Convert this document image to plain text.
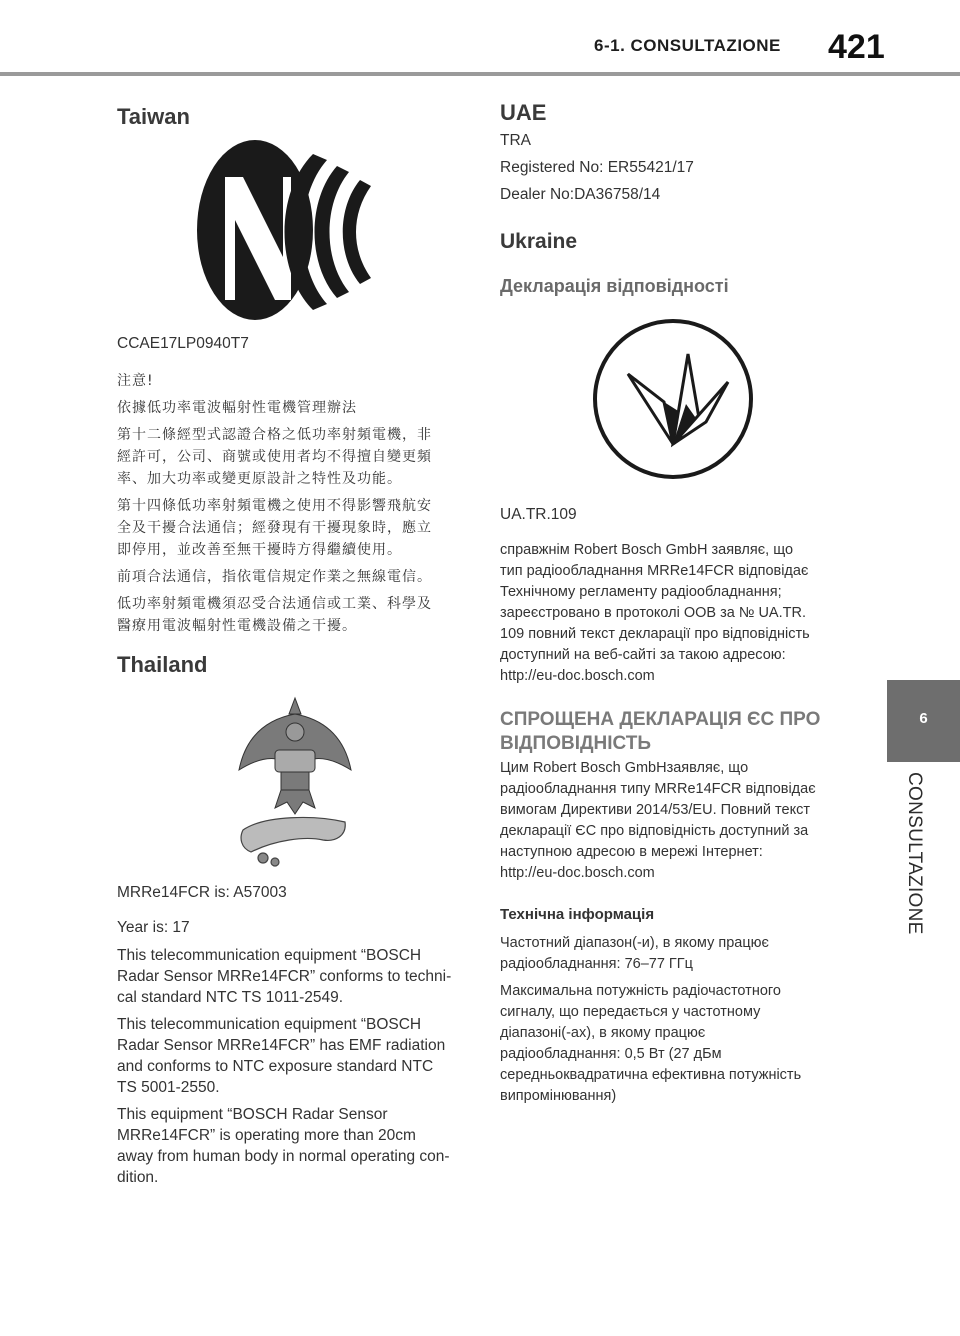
6-1. CONSULTAZIONE 421
6
CONSULTAZIONE
Taiwan
CCAE17LP0940T7
注意!
依據低功率電波輻射性電機管理辦法
第十二條經型式認證合格之低功率射頻電機，非
經許可，公司、商號或使用者均不得擅自變更頻
率、加大功率或變更原設計之特性及功能。
第十四條低功率射頻電機之使用不得影響飛航安
全及干擾合法通信；經發現有干擾現象時，應立
即停用，並改善至無干擾時方得繼續使用。
前項合法通信，指依電信規定作業之無線電信。
低功率射頻電機須忍受合法通信或工業、科學及
醫療用電波輻射性電機設備之干擾。
Thailand
MRRe14FCR is: A57003
Year is: 17
This telecommunication equipment “BOSCH
Radar Sensor MRRe14FCR” conforms to techni-
cal standard NTC TS 1011-2549.
This telecommunication equipment “BOSCH
Radar Sensor MRRe14FCR” has EMF radiation
and conforms to NTC exposure standard NTC
TS 5001-2550.
This equipment “BOSCH Radar Sensor
MRRe14FCR” is operating more than 20cm
away from human body in normal operating con-
dition.
UAE
TRA
Registered No: ER55421/17
Dealer No:DA36758/14
Ukraine
Декларація відповідності
UA.TR.109
справжнім Robert Bosch GmbH заявляє, що
тип радіообладнання MRRe14FCR відповідає
Технічному регламенту радіообладнання;
зареєстровано в протоколі OOB за № UA.TR.
109 повний текст декларації про відповідність
доступний на веб-сайті за такою адресою:
http://eu-doc.bosch.com
СПРОЩЕНА ДЕКЛАРАЦІЯ ЄС ПРО
ВІДПОВІДНІСТЬ
Цим Robert Bosch GmbHзаявляє, що
радіообладнання типу MRRe14FCR відповідає
вимогам Директиви 2014/53/EU. Повний текст
декларації ЄС про відповідність доступний за
наступною адресою в мережі Інтернет:
http://eu-doc.bosch.com
Технічна інформація
Частотний діапазон(-и), в якому працює
радіообладнання: 76–77 ГГц
Максимальна потужність радіочастотного
сигналу, що передається у частотному
діапазоні(-ах), в якому працює
радіообладнання: 0,5 Вт (27 дБм
середньоквадратична ефективна потужність
випромінювання)
